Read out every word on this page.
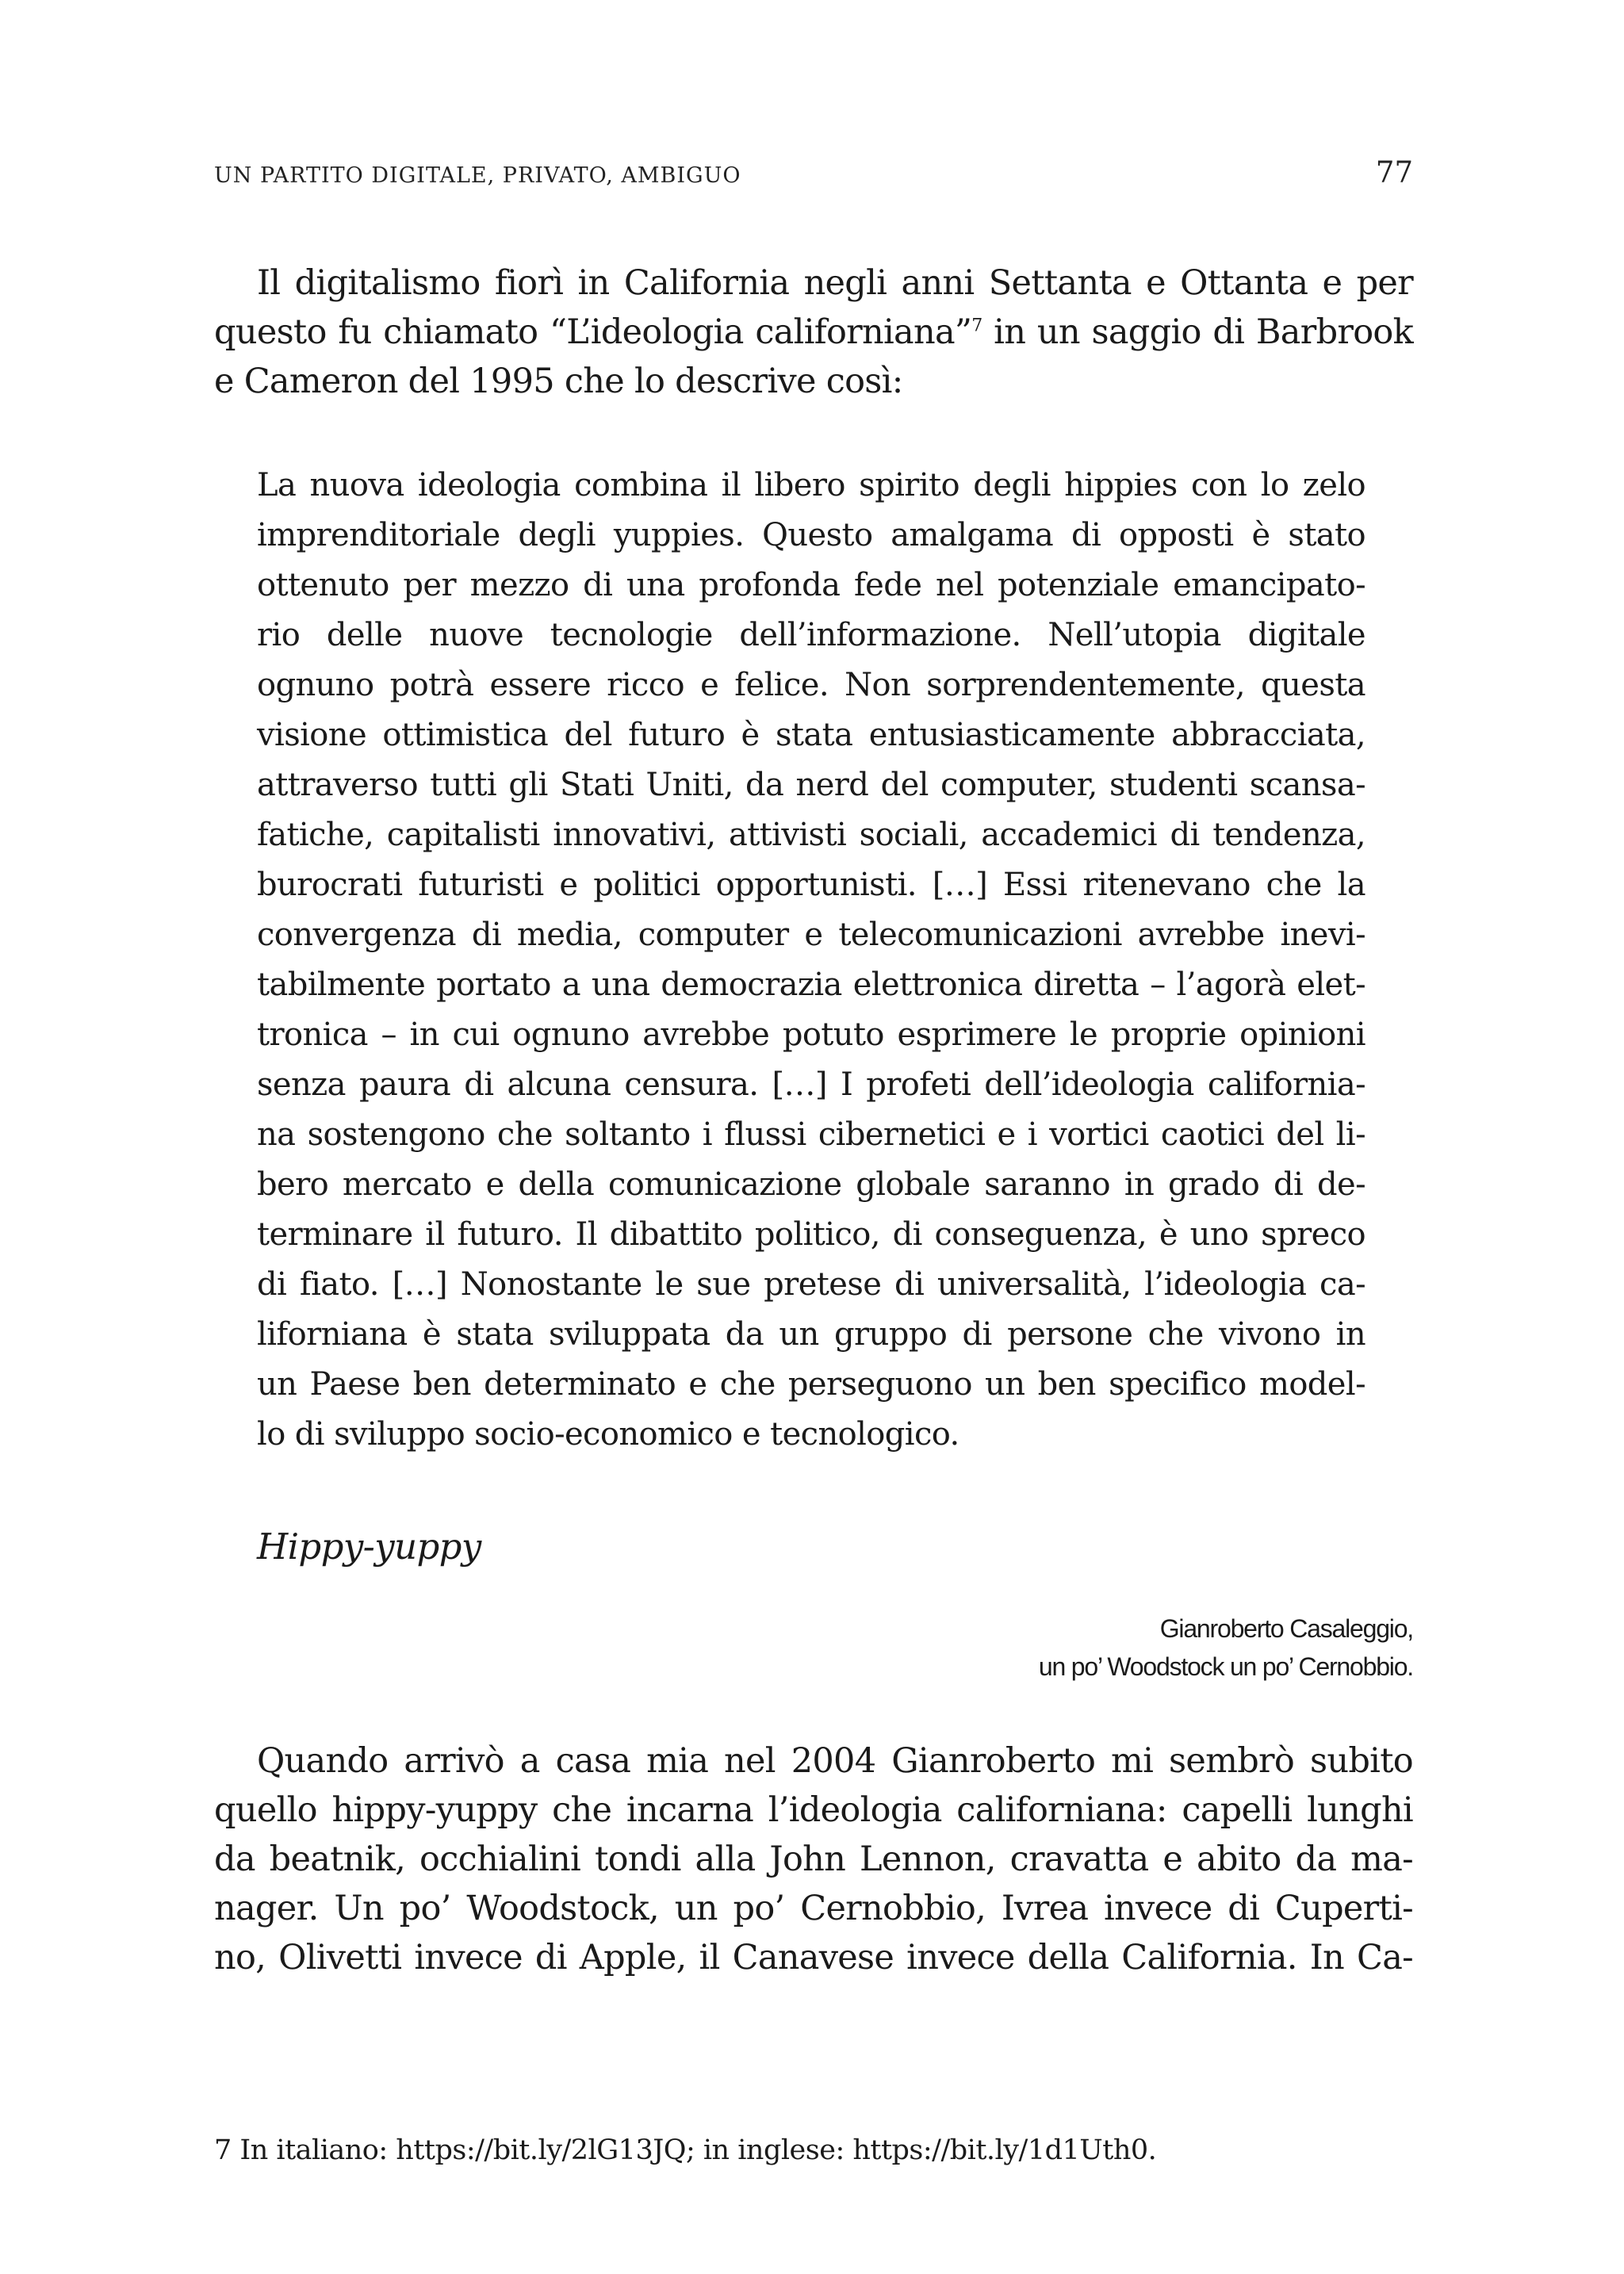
UN PARTITO DIGITALE, PRIVATO, AMBIGUO	77
Il digitalismo fiorì in California negli anni Settanta e Ottanta e per
questo fu chiamato “L’ideologia californiana”$^7$ in un saggio di Barbrook
e Cameron del 1995 che lo descrive così:
La nuova ideologia combina il libero spirito degli hippies con lo zelo
imprenditoriale degli yuppies. Questo amalgama di opposti è stato
ottenuto per mezzo di una profonda fede nel potenziale emancipato-
rio delle nuove tecnologie dell’informazione. Nell’utopia digitale
ognuno potrà essere ricco e felice. Non sorprendentemente, questa
visione ottimistica del futuro è stata entusiasticamente abbracciata,
attraverso tutti gli Stati Uniti, da nerd del computer, studenti scansa-
fatiche, capitalisti innovativi, attivisti sociali, accademici di tendenza,
burocrati futuristi e politici opportunisti. […] Essi ritenevano che la
convergenza di media, computer e telecomunicazioni avrebbe inevi-
tabilmente portato a una democrazia elettronica diretta – l’agorà elet-
tronica – in cui ognuno avrebbe potuto esprimere le proprie opinioni
senza paura di alcuna censura. […] I profeti dell’ideologia california-
na sostengono che soltanto i flussi cibernetici e i vortici caotici del li-
bero mercato e della comunicazione globale saranno in grado di de-
terminare il futuro. Il dibattito politico, di conseguenza, è uno spreco
di fiato. […] Nonostante le sue pretese di universalità, l’ideologia ca-
liforniana è stata sviluppata da un gruppo di persone che vivono in
un Paese ben determinato e che perseguono un ben specifico model-
lo di sviluppo socio-economico e tecnologico.
Hippy-yuppy
Gianroberto Casaleggio,
un po’ Woodstock un po’ Cernobbio.
Quando arrivò a casa mia nel 2004 Gianroberto mi sembrò subito
quello hippy-yuppy che incarna l’ideologia californiana: capelli lunghi
da beatnik, occhialini tondi alla John Lennon, cravatta e abito da ma-
nager. Un po’ Woodstock, un po’ Cernobbio, Ivrea invece di Cuperti-
no, Olivetti invece di Apple, il Canavese invece della California. In Ca-
7 In italiano: https://bit.ly/2lG13JQ; in inglese: https://bit.ly/1d1Uth0.
